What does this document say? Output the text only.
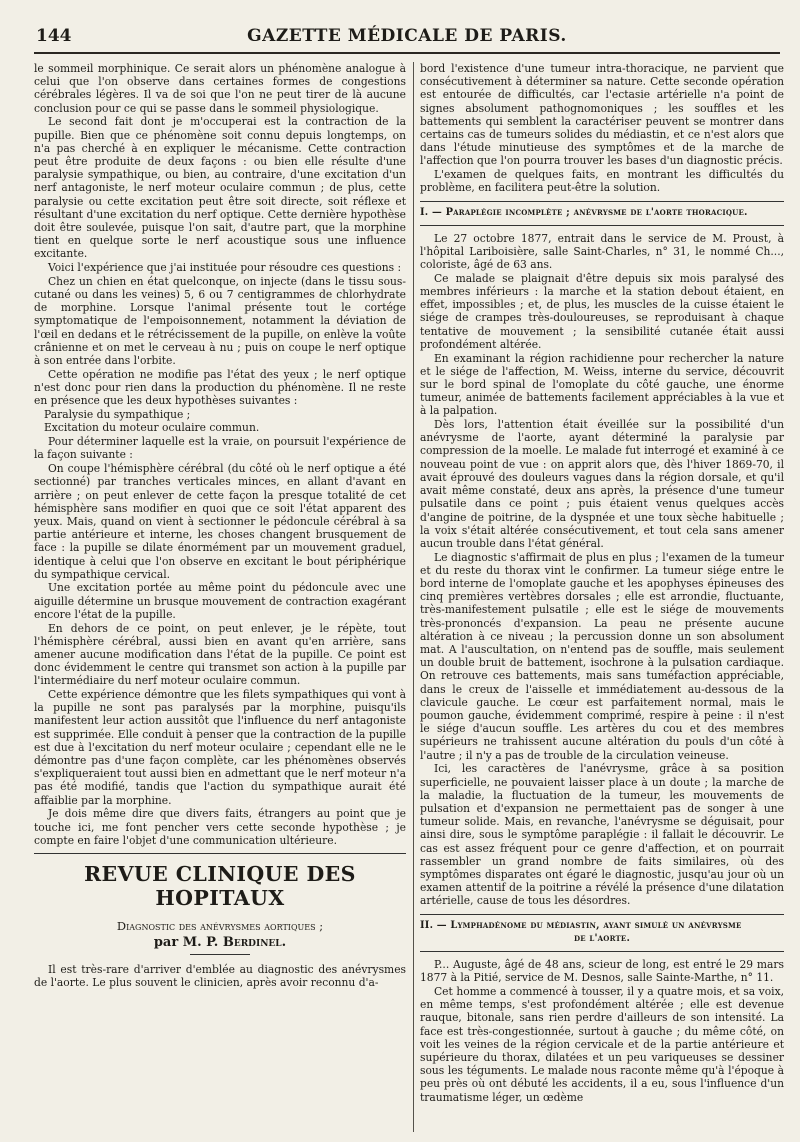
144	GAZETTE MÉDICALE DE PARIS.

le sommeil morphinique. Ce serait alors un phénomène analogue à celui que l'on observe dans certaines formes de congestions cérébrales légères. Il va de soi que l'on ne peut tirer de là aucune conclusion pour ce qui se passe dans le sommeil physiologique.

Le second fait dont je m'occuperai est la contraction de la pupille. Bien que ce phénomène soit connu depuis longtemps, on n'a pas cherché à en expliquer le mécanisme. Cette contraction peut être produite de deux façons : ou bien elle résulte d'une paralysie sympathique, ou bien, au contraire, d'une excitation d'un nerf antagoniste, le nerf moteur oculaire commun ; de plus, cette paralysie ou cette excitation peut être soit directe, soit réflexe et résultant d'une excitation du nerf optique. Cette dernière hypothèse doit être soulevée, puisque l'on sait, d'autre part, que la morphine tient en quelque sorte le nerf acoustique sous une influence excitante.

Voici l'expérience que j'ai instituée pour résoudre ces questions :

Chez un chien en état quelconque, on injecte (dans le tissu sous-cutané ou dans les veines) 5, 6 ou 7 centigrammes de chlorhydrate de morphine. Lorsque l'animal présente tout le cortége symptomatique de l'empoisonnement, notamment la déviation de l'œil en dedans et le rétrécissement de la pupille, on enlève la voûte crânienne et on met le cerveau à nu ; puis on coupe le nerf optique à son entrée dans l'orbite.

Cette opération ne modifie pas l'état des yeux ; le nerf optique n'est donc pour rien dans la production du phénomène. Il ne reste en présence que les deux hypothèses suivantes :

Paralysie du sympathique ;

Excitation du moteur oculaire commun.

Pour déterminer laquelle est la vraie, on poursuit l'expérience de la façon suivante :

On coupe l'hémisphère cérébral (du côté où le nerf optique a été sectionné) par tranches verticales minces, en allant d'avant en arrière ; on peut enlever de cette façon la presque totalité de cet hémisphère sans modifier en quoi que ce soit l'état apparent des yeux. Mais, quand on vient à sectionner le pédoncule cérébral à sa partie antérieure et interne, les choses changent brusquement de face : la pupille se dilate énormément par un mouvement graduel, identique à celui que l'on observe en excitant le bout périphérique du sympathique cervical.

Une excitation portée au même point du pédoncule avec une aiguille détermine un brusque mouvement de contraction exagérant encore l'état de la pupille.

En dehors de ce point, on peut enlever, je le répète, tout l'hémisphère cérébral, aussi bien en avant qu'en arrière, sans amener aucune modification dans l'état de la pupille. Ce point est donc évidemment le centre qui transmet son action à la pupille par l'intermédiaire du nerf moteur oculaire commun.

Cette expérience démontre que les filets sympathiques qui vont à la pupille ne sont pas paralysés par la morphine, puisqu'ils manifestent leur action aussitôt que l'influence du nerf antagoniste est supprimée. Elle conduit à penser que la contraction de la pupille est due à l'excitation du nerf moteur oculaire ; cependant elle ne le démontre pas d'une façon complète, car les phénomènes observés s'expliqueraient tout aussi bien en admettant que le nerf moteur n'a pas été modifié, tandis que l'action du sympathique aurait été affaiblie par la morphine.

Je dois même dire que divers faits, étrangers au point que je touche ici, me font pencher vers cette seconde hypothèse ; je compte en faire l'objet d'une communication ultérieure.

REVUE CLINIQUE DES HOPITAUX
Diagnostic des anévrysmes aortiques ;
par M. P. Berdinel.

Il est très-rare d'arriver d'emblée au diagnostic des anévrysmes de l'aorte. Le plus souvent le clinicien, après avoir reconnu d'a-

bord l'existence d'une tumeur intra-thoracique, ne parvient que consécutivement à déterminer sa nature. Cette seconde opération est entourée de difficultés, car l'ectasie artérielle n'a point de signes absolument pathognomoniques ; les souffles et les battements qui semblent la caractériser peuvent se montrer dans certains cas de tumeurs solides du médiastin, et ce n'est alors que dans l'étude minutieuse des symptômes et de la marche de l'affection que l'on pourra trouver les bases d'un diagnostic précis.

L'examen de quelques faits, en montrant les difficultés du problème, en facilitera peut-être la solution.

I. — Paraplégie incomplète ; anévrysme de l'aorte thoracique.

Le 27 octobre 1877, entrait dans le service de M. Proust, à l'hôpital Lariboisière, salle Saint-Charles, n° 31, le nommé Ch..., coloriste, âgé de 63 ans.

Ce malade se plaignait d'être depuis six mois paralysé des membres inférieurs : la marche et la station debout étaient, en effet, impossibles ; et, de plus, les muscles de la cuisse étaient le siége de crampes très-douloureuses, se reproduisant à chaque tentative de mouvement ; la sensibilité cutanée était aussi profondément altérée.

En examinant la région rachidienne pour rechercher la nature et le siége de l'affection, M. Weiss, interne du service, découvrit sur le bord spinal de l'omoplate du côté gauche, une énorme tumeur, animée de battements facilement appréciables à la vue et à la palpation.

Dès lors, l'attention était éveillée sur la possibilité d'un anévrysme de l'aorte, ayant déterminé la paralysie par compression de la moelle. Le malade fut interrogé et examiné à ce nouveau point de vue : on apprit alors que, dès l'hiver 1869-70, il avait éprouvé des douleurs vagues dans la région dorsale, et qu'il avait même constaté, deux ans après, la présence d'une tumeur pulsatile dans ce point ; puis étaient venus quelques accès d'angine de poitrine, de la dyspnée et une toux sèche habituelle ; la voix s'était altérée consécutivement, et tout cela sans amener aucun trouble dans l'état général.

Le diagnostic s'affirmait de plus en plus ; l'examen de la tumeur et du reste du thorax vint le confirmer. La tumeur siége entre le bord interne de l'omoplate gauche et les apophyses épineuses des cinq premières vertèbres dorsales ; elle est arrondie, fluctuante, très-manifestement pulsatile ; elle est le siége de mouvements très-prononcés d'expansion. La peau ne présente aucune altération à ce niveau ; la percussion donne un son absolument mat. A l'auscultation, on n'entend pas de souffle, mais seulement un double bruit de battement, isochrone à la pulsation cardiaque. On retrouve ces battements, mais sans tuméfaction appréciable, dans le creux de l'aisselle et immédiatement au-dessous de la clavicule gauche. Le cœur est parfaitement normal, mais le poumon gauche, évidemment comprimé, respire à peine : il n'est le siége d'aucun souffle. Les artères du cou et des membres supérieurs ne trahissent aucune altération du pouls d'un côté à l'autre ; il n'y a pas de trouble de la circulation veineuse.

Ici, les caractères de l'anévrysme, grâce à sa position superficielle, ne pouvaient laisser place à un doute ; la marche de la maladie, la fluctuation de la tumeur, les mouvements de pulsation et d'expansion ne permettaient pas de songer à une tumeur solide. Mais, en revanche, l'anévrysme se déguisait, pour ainsi dire, sous le symptôme paraplégie : il fallait le découvrir. Le cas est assez fréquent pour ce genre d'affection, et on pourrait rassembler un grand nombre de faits similaires, où des symptômes disparates ont égaré le diagnostic, jusqu'au jour où un examen attentif de la poitrine a révélé la présence d'une dilatation artérielle, cause de tous les désordres.

II. — Lymphadénome du médiastin, ayant simulé un anévrysme
de l'aorte.

P... Auguste, âgé de 48 ans, scieur de long, est entré le 29 mars 1877 à la Pitié, service de M. Desnos, salle Sainte-Marthe, n° 11.

Cet homme a commencé à tousser, il y a quatre mois, et sa voix, en même temps, s'est profondément altérée ; elle est devenue rauque, bitonale, sans rien perdre d'ailleurs de son intensité. La face est très-congestionnée, surtout à gauche ; du même côté, on voit les veines de la région cervicale et de la partie antérieure et supérieure du thorax, dilatées et un peu variqueuses se dessiner sous les téguments. Le malade nous raconte même qu'à l'époque à peu près où ont débuté les accidents, il a eu, sous l'influence d'un traumatisme léger, un œdème
